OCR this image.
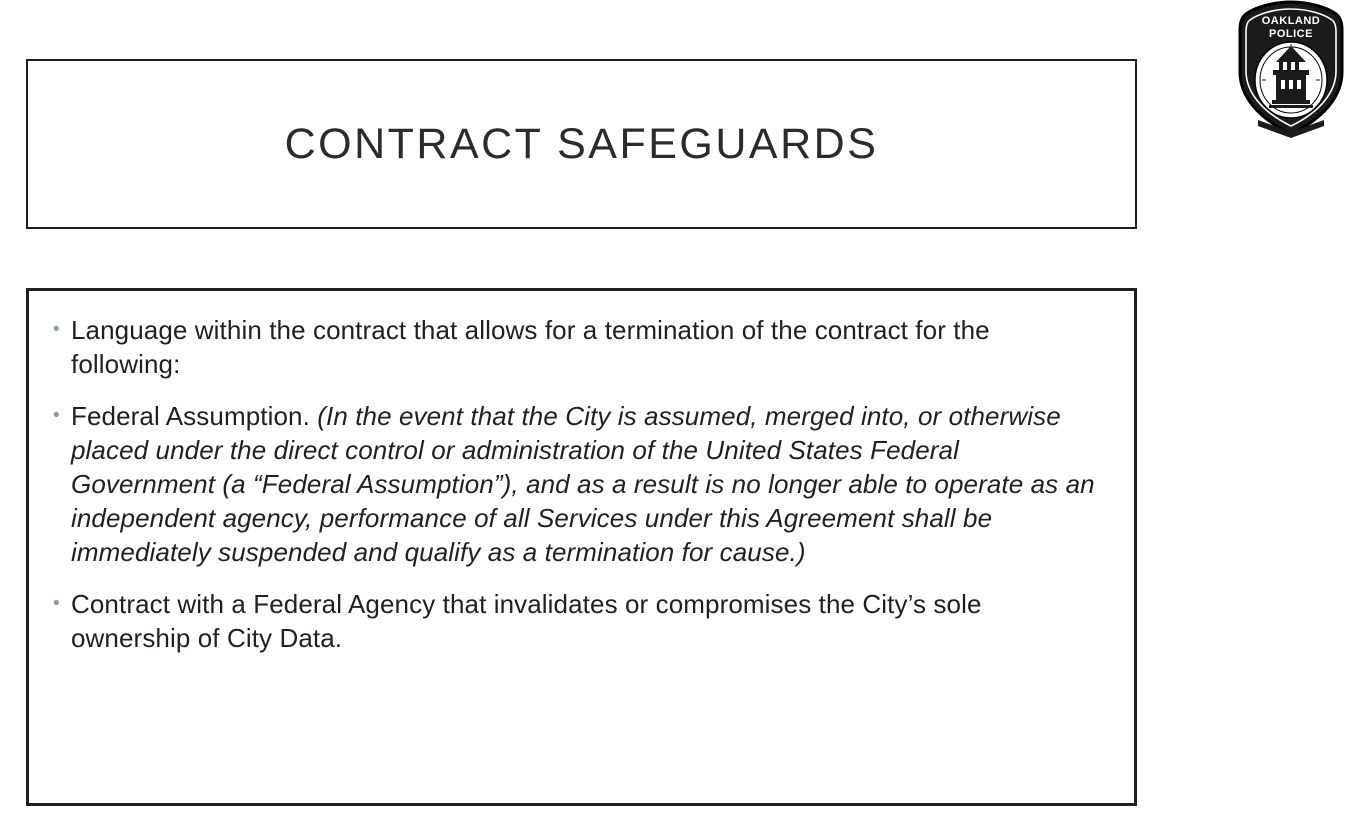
CONTRACT SAFEGUARDS
• Language within the contract that allows for a termination of the contract for the following:
• Federal Assumption. (In the event that the City is assumed, merged into, or otherwise placed under the direct control or administration of the United States Federal Government (a “Federal Assumption”), and as a result is no longer able to operate as an independent agency, performance of all Services under this Agreement shall be immediately suspended and qualify as a termination for cause.)
• Contract with a Federal Agency that invalidates or compromises the City’s sole ownership of City Data.
OAKLAND
POLICE
